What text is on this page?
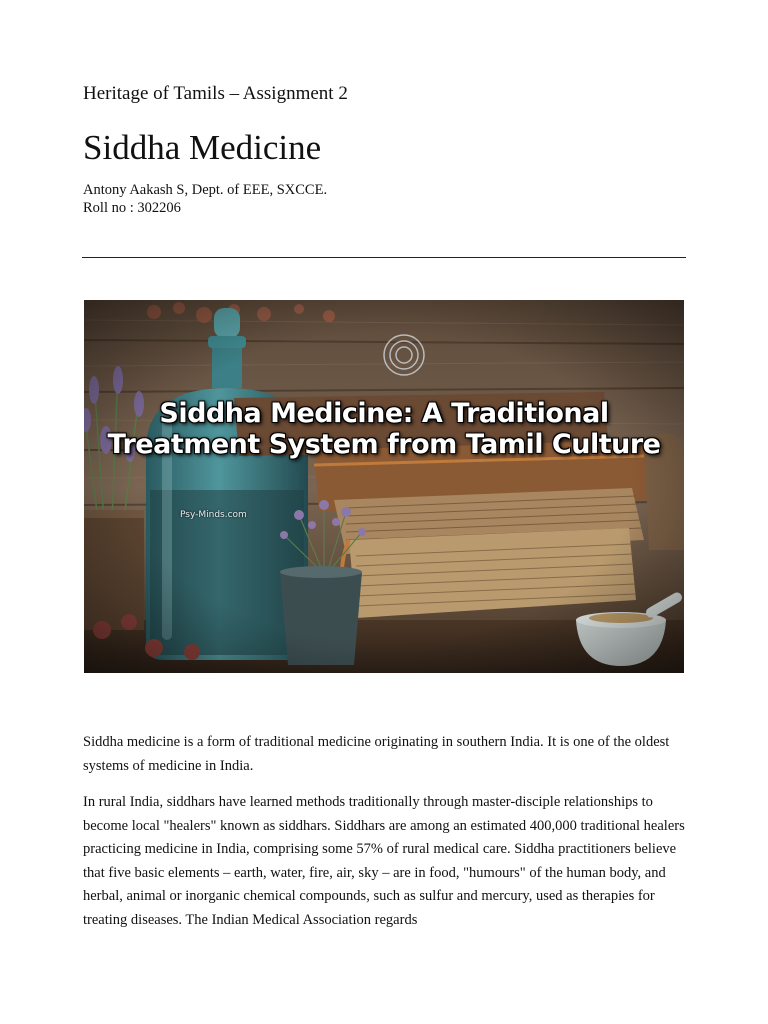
Heritage of Tamils – Assignment 2
Siddha Medicine
Antony Aakash S, Dept. of EEE, SXCCE.
Roll no : 302206
Siddha Medicine: A Traditional
Treatment System from Tamil Culture
Psy-Minds.com

Siddha medicine is a form of traditional medicine originating in southern India. It is one of the oldest systems of medicine in India.

In rural India, siddhars have learned methods traditionally through master-disciple relationships to become local "healers" known as siddhars. Siddhars are among an estimated 400,000 traditional healers practicing medicine in India, comprising some 57% of rural medical care. Siddha practitioners believe that five basic elements – earth, water, fire, air, sky – are in food, "humours" of the human body, and herbal, animal or inorganic chemical compounds, such as sulfur and mercury, used as therapies for treating diseases. The Indian Medical Association regards
